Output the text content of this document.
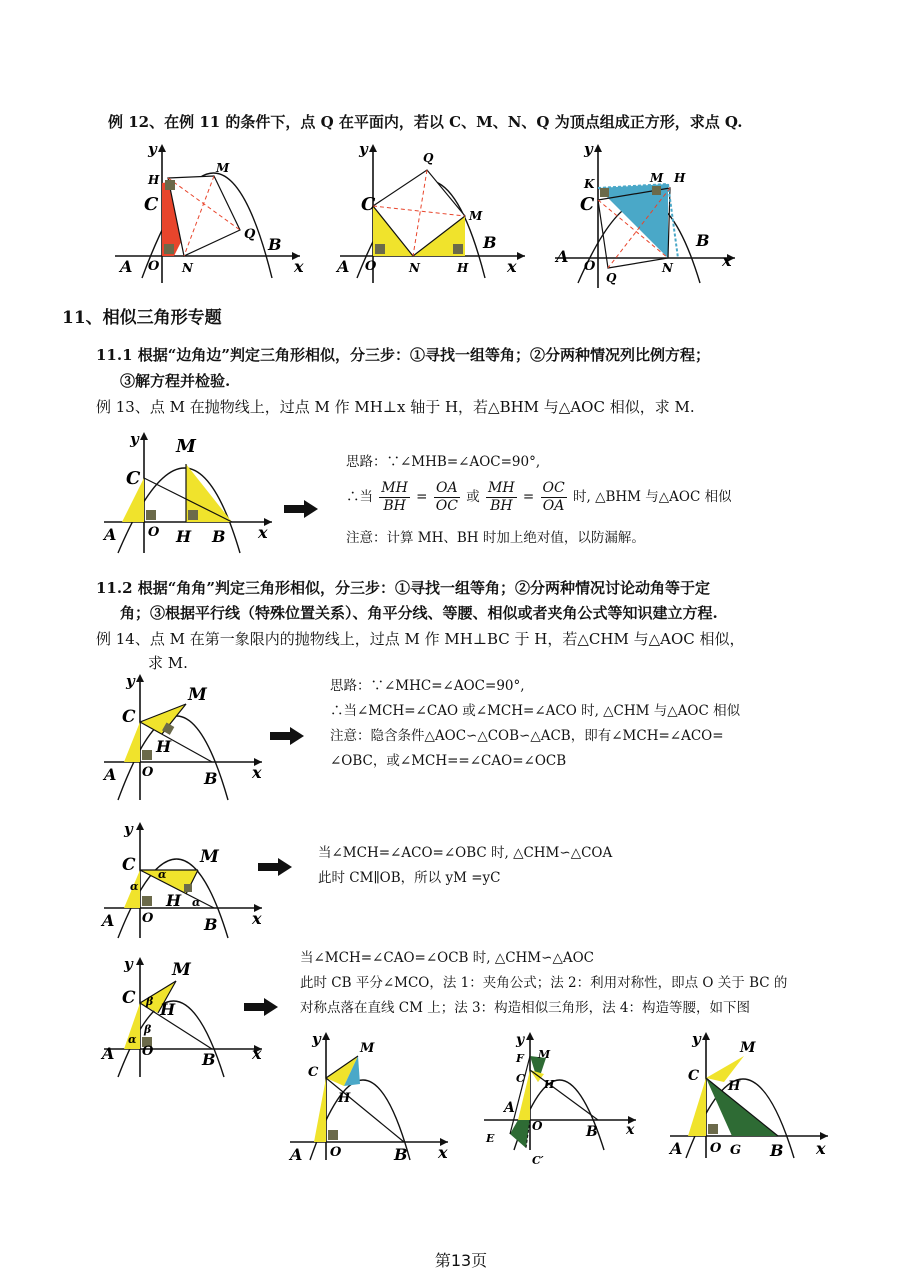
例 12、在例 11 的条件下，点 Q 在平面内，若以 C、M、N、Q 为顶点组成正方形，求点 Q.
H
C
M
Q
B
A O N	x
y
C
Q
M
B
A O	N	H x
y
K
C
M H
B
A
O	N
Q
x
y
11、相似三角形专题
11.1 根据“边角边”判定三角形相似，分三步：①寻找一组等角；②分两种情况列比例方程；
③解方程并检验.
例 13、点 M 在抛物线上，过点 M 作 MH⊥x 轴于 H，若△BHM 与△AOC 相似，求 M.
C
M
A O H B x
y
思路：∵∠MHB=∠AOC=90°,
∴当 $\frac{MH}{BH} = \frac{OA}{OC}$ 或 $\frac{MH}{BH} = \frac{OC}{OA}$ 时, △BHM 与△AOC 相似
注意：计算 MH、BH 时加上绝对值，以防漏解。
11.2 根据“角角”判定三角形相似，分三步：①寻找一组等角；②分两种情况讨论动角等于定
角；③根据平行线（特殊位置关系）、角平分线、等腰、相似或者夹角公式等知识建立方程.
例 14、点 M 在第一象限内的抛物线上，过点 M 作 MH⊥BC 于 H，若△CHM 与△AOC 相似，
求 M.
C
M
H
A O	B x
y	思路：∵∠MHC=∠AOC=90°,
∴当∠MCH=∠CAO 或∠MCH=∠ACO 时, △CHM 与△AOC 相似
注意：隐含条件△AOC∽△COB∽△ACB，即有∠MCH=∠ACO=
∠OBC，或∠MCH==∠CAO=∠OCB
C	M
H
α
α
α
A O	B x
y
当∠MCH=∠ACO=∠OBC 时, △CHM∽△COA
此时 CM∥OB，所以 yM =yC
C
M
H
β
β
α
A O	B x
y	当∠MCH=∠CAO=∠OCB 时, △CHM∽△AOC
此时 CB 平分∠MCO，法 1：夹角公式；法 2：利用对称性，即点 O 关于 BC 的
对称点落在直线 CM 上；法 3：构造相似三角形，法 4：构造等腰，如下图
C
M
H
A O	B x
y
F M
C H
A
O	B x
E
C′
y
C
M
H
A O G B x
y
第13页
